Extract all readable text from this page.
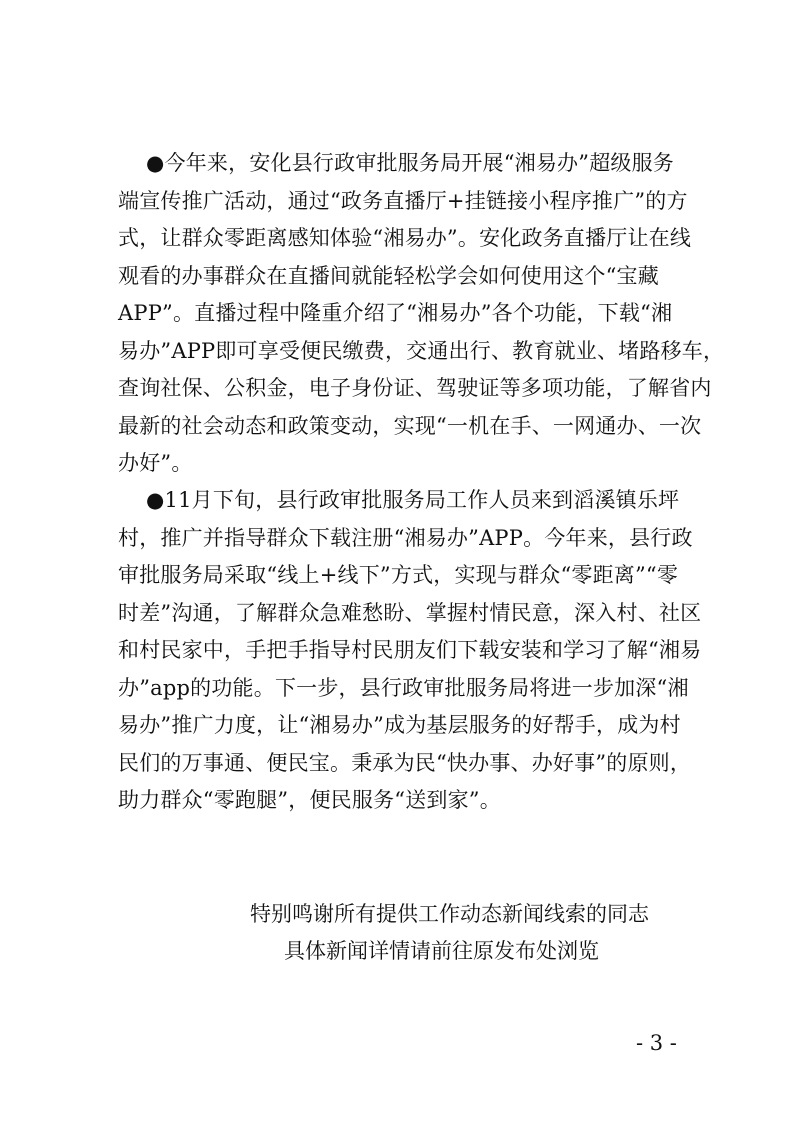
●今年来，安化县行政审批服务局开展“湘易办”超级服务
端宣传推广活动，通过“政务直播厅+挂链接小程序推广”的方
式，让群众零距离感知体验“湘易办”。安化政务直播厅让在线
观看的办事群众在直播间就能轻松学会如何使用这个“宝藏
APP”。直播过程中隆重介绍了“湘易办”各个功能，下载“湘
易办”APP即可享受便民缴费，交通出行、教育就业、堵路移车，
查询社保、公积金，电子身份证、驾驶证等多项功能，了解省内
最新的社会动态和政策变动，实现“一机在手、一网通办、一次
办好”。
●11月下旬，县行政审批服务局工作人员来到滔溪镇乐坪
村，推广并指导群众下载注册“湘易办”APP。今年来，县行政
审批服务局采取“线上+线下”方式，实现与群众“零距离”“零
时差”沟通，了解群众急难愁盼、掌握村情民意，深入村、社区
和村民家中，手把手指导村民朋友们下载安装和学习了解“湘易
办”app的功能。下一步，县行政审批服务局将进一步加深“湘
易办”推广力度，让“湘易办”成为基层服务的好帮手，成为村
民们的万事通、便民宝。秉承为民“快办事、办好事”的原则，
助力群众“零跑腿”，便民服务“送到家”。
特别鸣谢所有提供工作动态新闻线索的同志
具体新闻详情请前往原发布处浏览
- 3 -
